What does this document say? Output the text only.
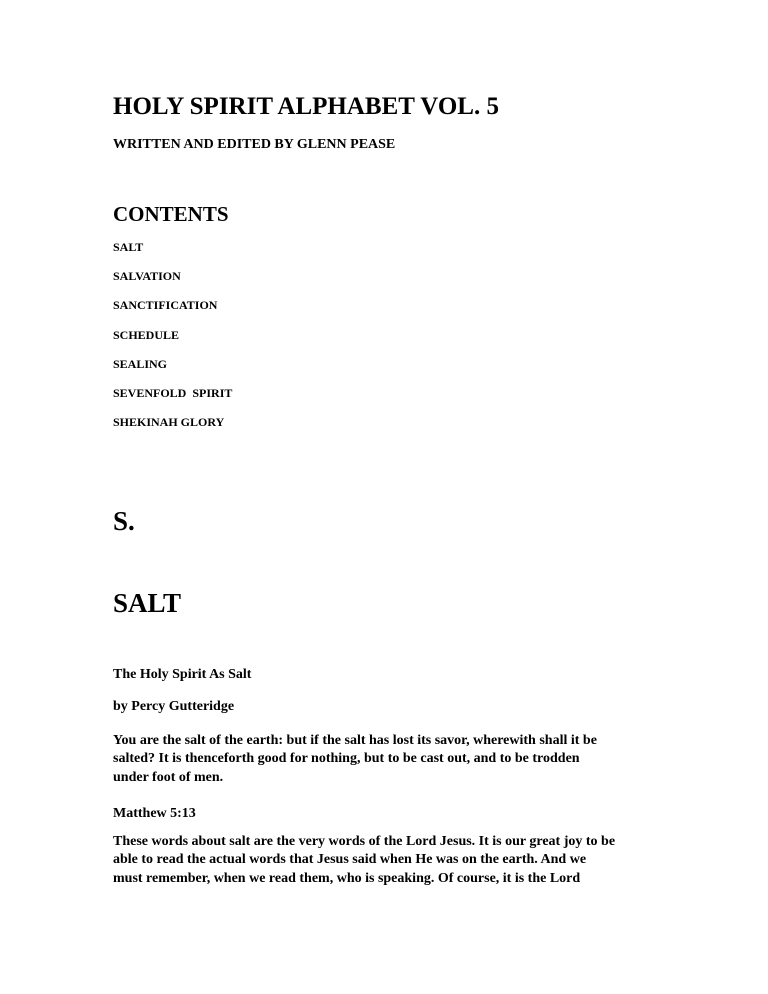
HOLY SPIRIT ALPHABET VOL. 5

WRITTEN AND EDITED BY GLENN PEASE

CONTENTS
SALT
SALVATION
SANCTIFICATION
SCHEDULE
SEALING
SEVENFOLD  SPIRIT
SHEKINAH GLORY
S.
SALT

The Holy Spirit As Salt

by Percy Gutteridge

You are the salt of the earth: but if the salt has lost its savor, wherewith shall it be
salted? It is thenceforth good for nothing, but to be cast out, and to be trodden
under foot of men.

Matthew 5:13

These words about salt are the very words of the Lord Jesus. It is our great joy to be
able to read the actual words that Jesus said when He was on the earth. And we
must remember, when we read them, who is speaking. Of course, it is the Lord
